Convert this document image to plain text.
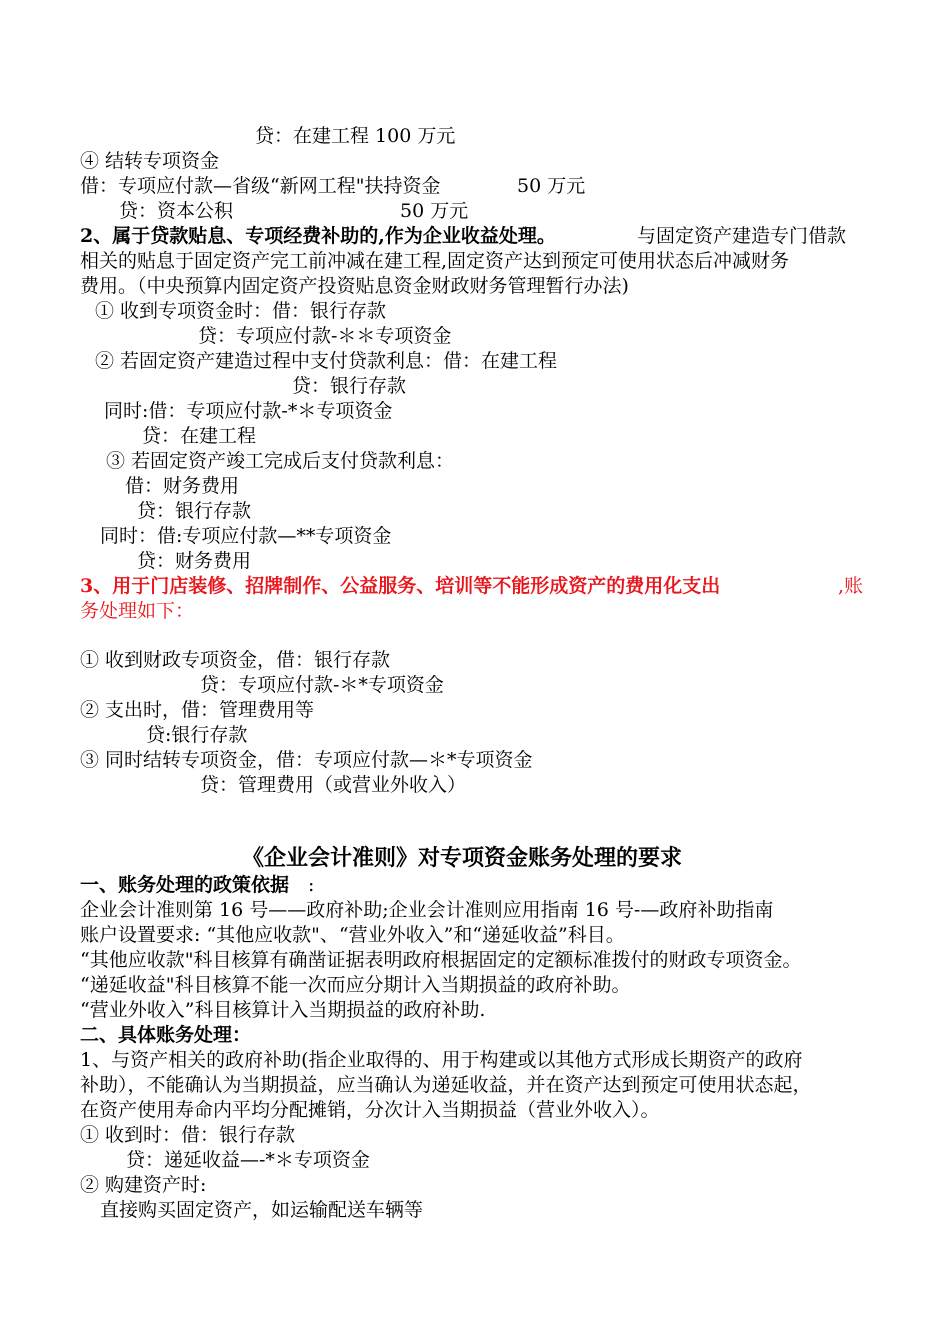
贷：在建工程 100 万元
④ 结转专项资金
借：专项应付款—省级“新网工程"扶持资金	50 万元
贷：资本公积	50 万元
2、属于贷款贴息、专项经费补助的,作为企业收益处理。	与固定资产建造专门借款
相关的贴息于固定资产完工前冲减在建工程,固定资产达到预定可使用状态后冲减财务
费用。（中央预算内固定资产投资贴息资金财政财务管理暂行办法)
① 收到专项资金时：借：银行存款
贷：专项应付款-＊＊专项资金
② 若固定资产建造过程中支付贷款利息：借：在建工程
贷：银行存款
同时:借：专项应付款-*＊专项资金
贷：在建工程
③ 若固定资产竣工完成后支付贷款利息：
借：财务费用
贷：银行存款
同时：借:专项应付款—**专项资金
贷：财务费用
3、用于门店装修、招牌制作、公益服务、培训等不能形成资产的费用化支出	,账
务处理如下：
① 收到财政专项资金，借：银行存款
贷：专项应付款-＊*专项资金
② 支出时，借：管理费用等
贷:银行存款
③ 同时结转专项资金，借：专项应付款—＊*专项资金
贷：管理费用（或营业外收入）
《企业会计准则》对专项资金账务处理的要求
一、账务处理的政策依据 :
企业会计准则第 16 号——政府补助;企业会计准则应用指南 16 号-—政府补助指南
账户设置要求: “其他应收款"、“营业外收入”和“递延收益”科目。
“其他应收款"科目核算有确凿证据表明政府根据固定的定额标准拨付的财政专项资金。
“递延收益"科目核算不能一次而应分期计入当期损益的政府补助。
“营业外收入”科目核算计入当期损益的政府补助.
二、具体账务处理：
1、与资产相关的政府补助(指企业取得的、用于构建或以其他方式形成长期资产的政府
补助），不能确认为当期损益，应当确认为递延收益，并在资产达到预定可使用状态起，
在资产使用寿命内平均分配摊销，分次计入当期损益（营业外收入）。
① 收到时：借：银行存款
贷：递延收益—-*＊专项资金
② 购建资产时:
直接购买固定资产，如运输配送车辆等
